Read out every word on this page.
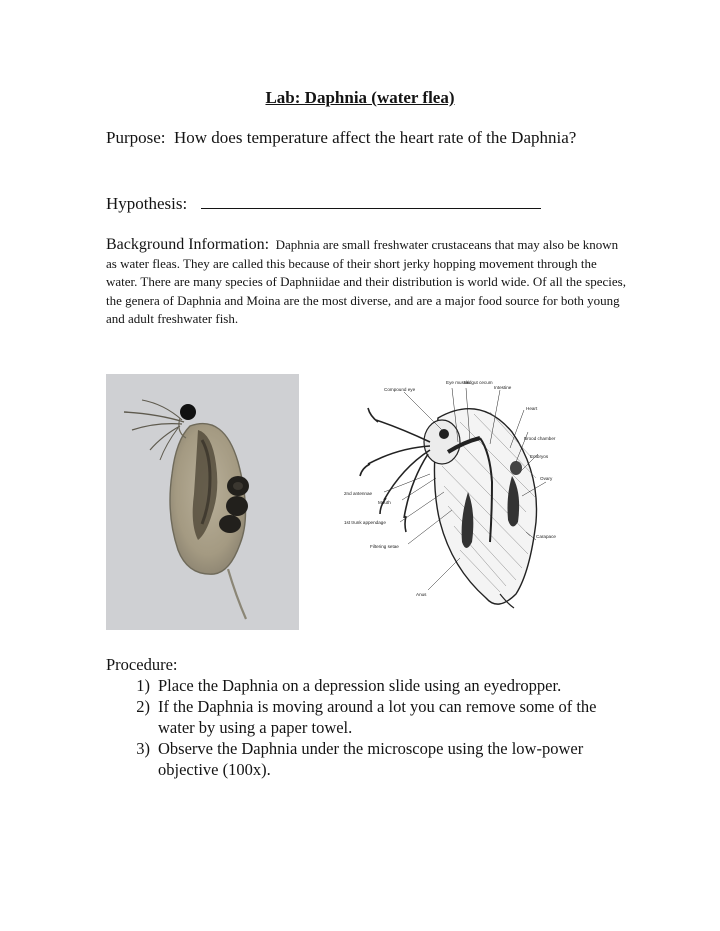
Lab: Daphnia (water flea)
Purpose: How does temperature affect the heart rate of the Daphnia?
Hypothesis:
Background Information: Daphnia are small freshwater crustaceans that may also be known as water fleas. They are called this because of their short jerky hopping movement through the water. There are many species of Daphniidae and their distribution is world wide. Of all the species, the genera of Daphnia and Moina are the most diverse, and are a major food source for both young and adult freshwater fish.
Compound eye
Eye muscle
Midgut cecum
Intestine
Heart
Brood chamber
Embryos
Ovary
2nd antennae
Mouth
1st trunk appendage
Filtering setae
Carapace
Anus
Procedure:
1) Place the Daphnia on a depression slide using an eyedropper.
2) If the Daphnia is moving around a lot you can remove some of the water by using a paper towel.
3) Observe the Daphnia under the microscope using the low-power objective (100x).
